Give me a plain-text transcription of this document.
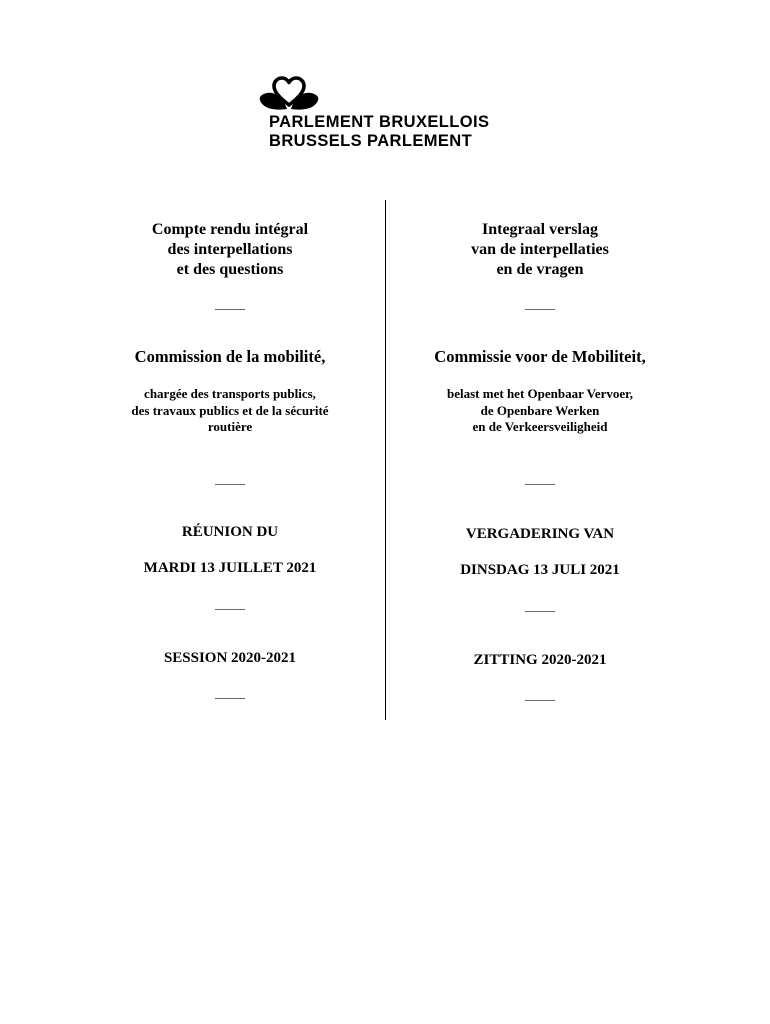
PARLEMENT BRUXELLOIS
BRUSSELS PARLEMENT
Compte rendu intégral
des interpellations
et des questions
_____
Commission de la mobilité,
chargée des transports publics,
des travaux publics et de la sécurité
routière
_____
RÉUNION DU
MARDI 13 JUILLET 2021
_____
SESSION 2020-2021
_____
Integraal verslag
van de interpellaties
en de vragen
_____
Commissie voor de Mobiliteit,
belast met het Openbaar Vervoer,
de Openbare Werken
en de Verkeersveiligheid
_____
VERGADERING VAN
DINSDAG 13 JULI 2021
_____
ZITTING 2020-2021
_____
